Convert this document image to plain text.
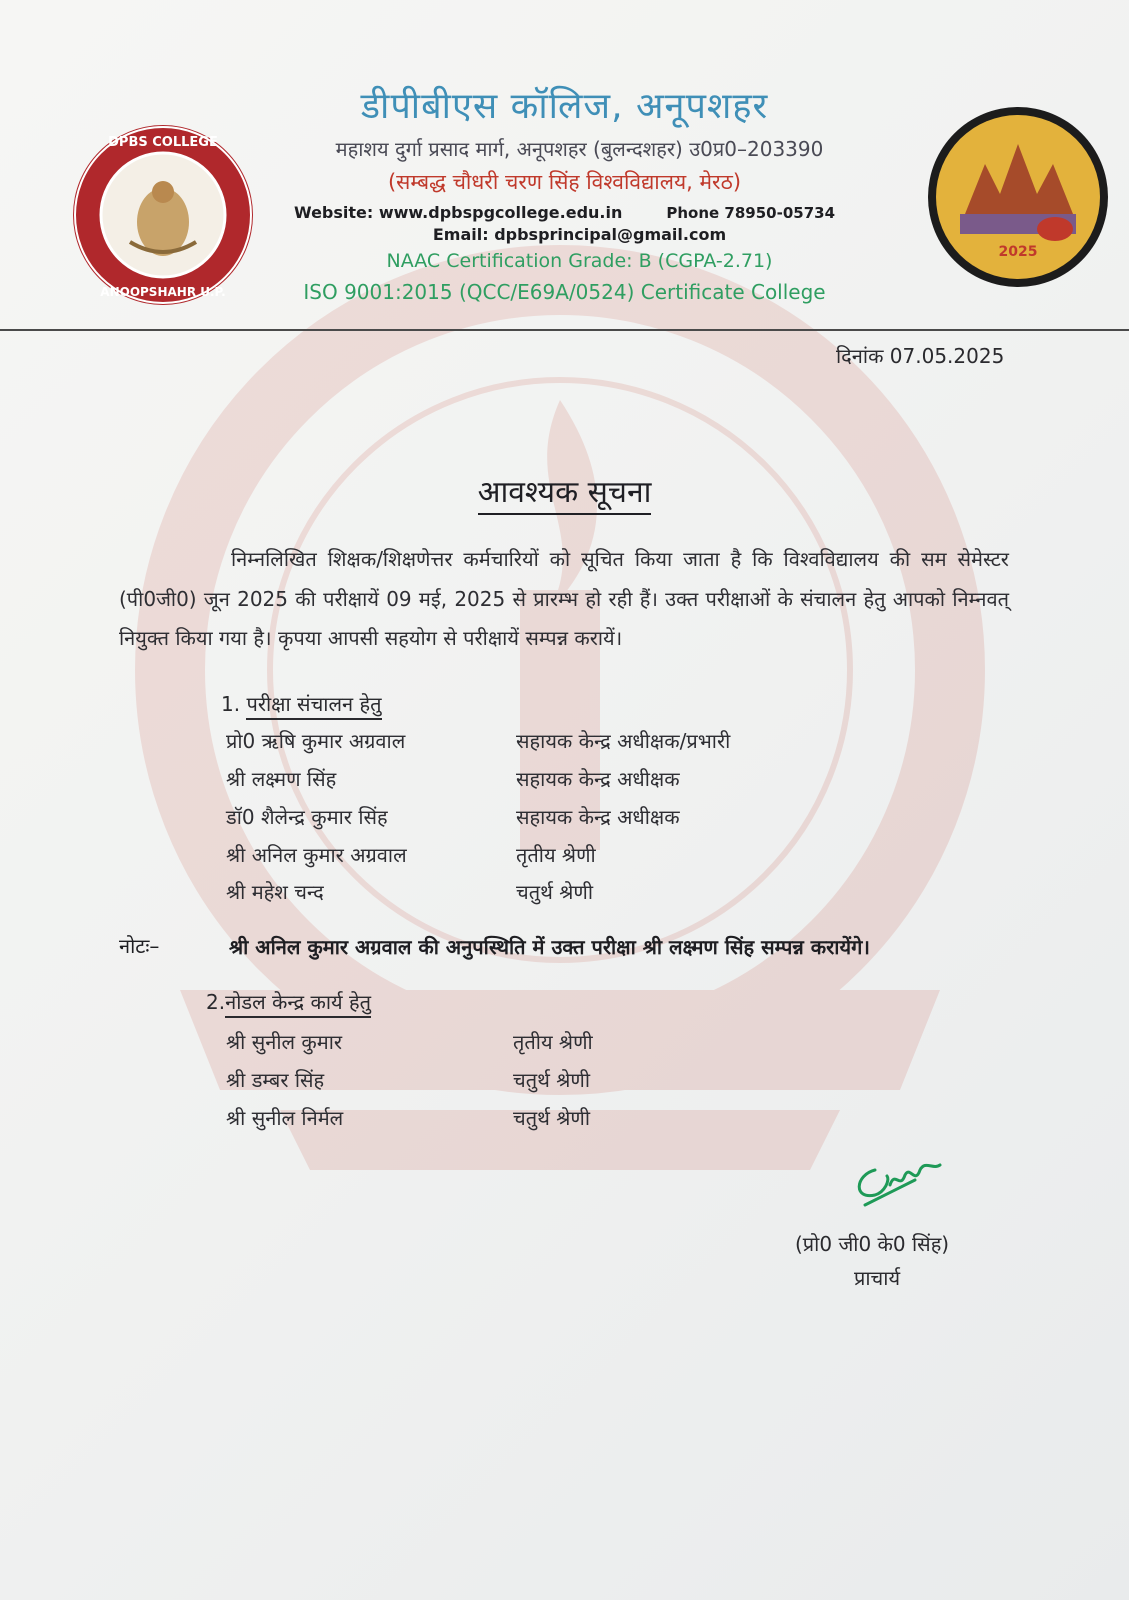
DPBS COLLEGE
ANOOPSHAHR U.P.
2025
डीपीबीएस कॉलिज, अनूपशहर
महाशय दुर्गा प्रसाद मार्ग, अनूपशहर (बुलन्दशहर) उ0प्र0–203390
(सम्बद्ध चौधरी चरण सिंह विश्वविद्यालय, मेरठ)
Website: www.dpbspgcollege.edu.in	Phone 78950-05734
Email: dpbsprincipal@gmail.com
NAAC Certification Grade: B (CGPA-2.71)
ISO 9001:2015 (QCC/E69A/0524) Certificate College
दिनांक 07.05.2025
आवश्यक सूचना
निम्नलिखित शिक्षक/शिक्षणेत्तर कर्मचारियों को सूचित किया जाता है कि विश्वविद्यालय की सम सेमेस्टर (पी0जी0) जून 2025 की परीक्षायें 09 मई, 2025 से प्रारम्भ हो रही हैं। उक्त परीक्षाओं के संचालन हेतु आपको निम्नवत् नियुक्त किया गया है। कृपया आपसी सहयोग से परीक्षायें सम्पन्न करायें।
1. परीक्षा संचालन हेतु
प्रो0 ऋषि कुमार अग्रवाल	सहायक केन्द्र अधीक्षक/प्रभारी
श्री लक्ष्मण सिंह	सहायक केन्द्र अधीक्षक
डॉ0 शैलेन्द्र कुमार सिंह	सहायक केन्द्र अधीक्षक
श्री अनिल कुमार अग्रवाल	तृतीय श्रेणी
श्री महेश चन्द	चतुर्थ श्रेणी
नोटः–	श्री अनिल कुमार अग्रवाल की अनुपस्थिति में उक्त परीक्षा श्री लक्ष्मण सिंह सम्पन्न करायेंगे।
2.नोडल केन्द्र कार्य हेतु
श्री सुनील कुमार	तृतीय श्रेणी
श्री डम्बर सिंह	चतुर्थ श्रेणी
श्री सुनील निर्मल	चतुर्थ श्रेणी
(प्रो0 जी0 के0 सिंह)
प्राचार्य
